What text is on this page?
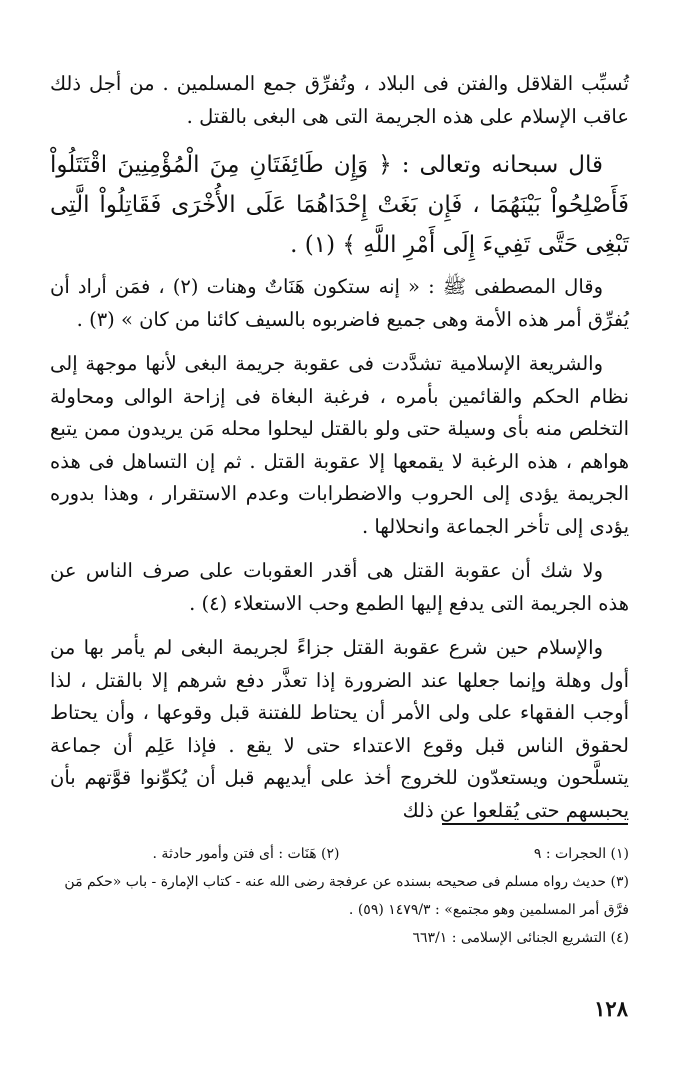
تُسبِّب القلاقل والفتن فى البلاد ، وتُفرِّق جمع المسلمين . من أجل ذلك عاقب الإسلام على هذه الجريمة التى هى البغى بالقتل .

قال سبحانه وتعالى : ﴿ وَإِن طَائِفَتَانِ مِنَ الْمُؤْمِنِينَ اقْتَتَلُواْ فَأَصْلِحُواْ بَيْنَهُمَا ، فَإِن بَغَتْ إِحْدَاهُمَا عَلَى الأُخْرَى فَقَاتِلُواْ الَّتِى تَبْغِى حَتَّى تَفِيءَ إِلَى أَمْرِ اللَّهِ ﴾ (١) .

وقال المصطفى ﷺ : « إنه ستكون هَنَاتٌ وهنات (٢) ، فمَن أراد أن يُفرِّق أمر هذه الأمة وهى جميع فاضربوه بالسيف كائنا من كان » (٣) .

والشريعة الإسلامية تشدَّدت فى عقوبة جريمة البغى لأنها موجهة إلى نظام الحكم والقائمين بأمره ، فرغبة البغاة فى إزاحة الوالى ومحاولة التخلص منه بأى وسيلة حتى ولو بالقتل ليحلوا محله مَن يريدون ممن يتبع هواهم ، هذه الرغبة لا يقمعها إلا عقوبة القتل . ثم إن التساهل فى هذه الجريمة يؤدى إلى الحروب والاضطرابات وعدم الاستقرار ، وهذا بدوره يؤدى إلى تأخر الجماعة وانحلالها .

ولا شك أن عقوبة القتل هى أقدر العقوبات على صرف الناس عن هذه الجريمة التى يدفع إليها الطمع وحب الاستعلاء (٤) .

والإسلام حين شرع عقوبة القتل جزاءً لجريمة البغى لم يأمر بها من أول وهلة وإنما جعلها عند الضرورة إذا تعذَّر دفع شرهم إلا بالقتل ، لذا أوجب الفقهاء على ولى الأمر أن يحتاط للفتنة قبل وقوعها ، وأن يحتاط لحقوق الناس قبل وقوع الاعتداء حتى لا يقع . فإذا عَلِم أن جماعة يتسلَّحون ويستعدّون للخروج أخذ على أيديهم قبل أن يُكوِّنوا قوَّتهم بأن يحبسهم حتى يُقلعوا عن ذلك

(١) الحجرات : ٩
(٢) هَنَات : أى فتن وأمور حادثة .

(٣) حديث رواه مسلم فى صحيحه بسنده عن عرفجة رضى الله عنه - كتاب الإمارة - باب «حكم مَن فرَّق أمر المسلمين وهو مجتمع» : ١٤٧٩/٣ (٥٩) .

(٤) التشريع الجنائى الإسلامى : ٦٦٣/١

١٢٨
